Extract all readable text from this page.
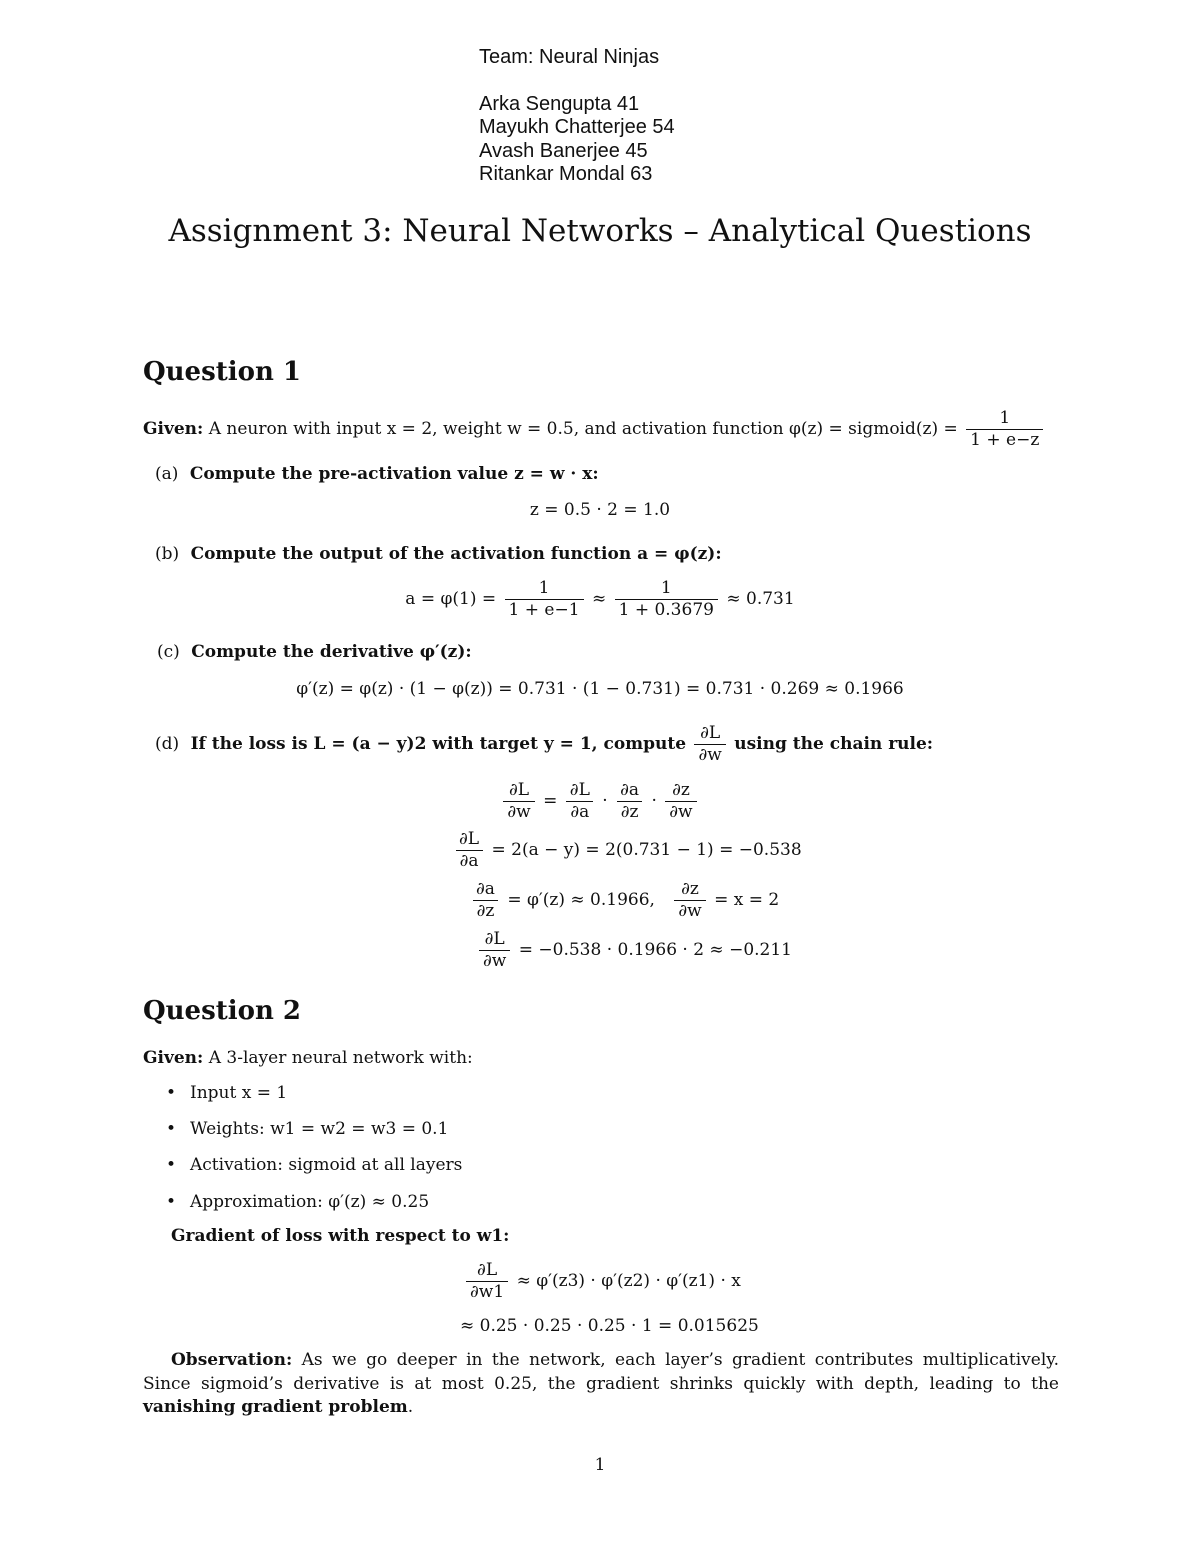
Team: Neural Ninjas
Arka Sengupta 41
Mayukh Chatterjee 54
Avash Banerjee 45
Ritankar Mondal 63
Assignment 3: Neural Networks – Analytical Questions
Question 1
Given: A neuron with input x = 2, weight w = 0.5, and activation function φ(z) = sigmoid(z) = $\frac{1}{1 + e-z}$
(a) Compute the pre-activation value z = w · x:
z = 0.5 · 2 = 1.0
(b) Compute the output of the activation function a = φ(z):
$a = \varphi(1) = \frac{1}{1 + e-1} \approx \frac{1}{1 + 0.3679} \approx 0.731$
(c) Compute the derivative φ′(z):
φ′(z) = φ(z) · (1 − φ(z)) = 0.731 · (1 − 0.731) = 0.731 · 0.269 ≈ 0.1966
(d) If the loss is L = (a − y)2 with target y = 1, compute $\frac{\partial L}{\partial w}$ using the chain rule:
$\frac{\partial L}{\partial w} = \frac{\partial L}{\partial a} \cdot \frac{\partial a}{\partial z} \cdot \frac{\partial z}{\partial w}$
$\frac{\partial L}{\partial a} = 2(a - y) = 2(0.731 - 1) = -0.538$
$\frac{\partial a}{\partial z} = \varphi'(z) \approx 0.1966$, $\frac{\partial z}{\partial w} = x = 2$
$\frac{\partial L}{\partial w} = -0.538 \cdot 0.1966 \cdot 2 \approx -0.211$
Question 2
Given: A 3-layer neural network with:
• Input x = 1
• Weights: w1 = w2 = w3 = 0.1
• Activation: sigmoid at all layers
• Approximation: φ′(z) ≈ 0.25
Gradient of loss with respect to w1:
$\frac{\partial L}{\partial w1} \approx \varphi'(z3) \cdot \varphi'(z2) \cdot \varphi'(z1) \cdot x$
≈ 0.25 · 0.25 · 0.25 · 1 = 0.015625
Observation: As we go deeper in the network, each layer’s gradient contributes multiplicatively. Since sigmoid’s derivative is at most 0.25, the gradient shrinks quickly with depth, leading to the vanishing gradient problem.
1
